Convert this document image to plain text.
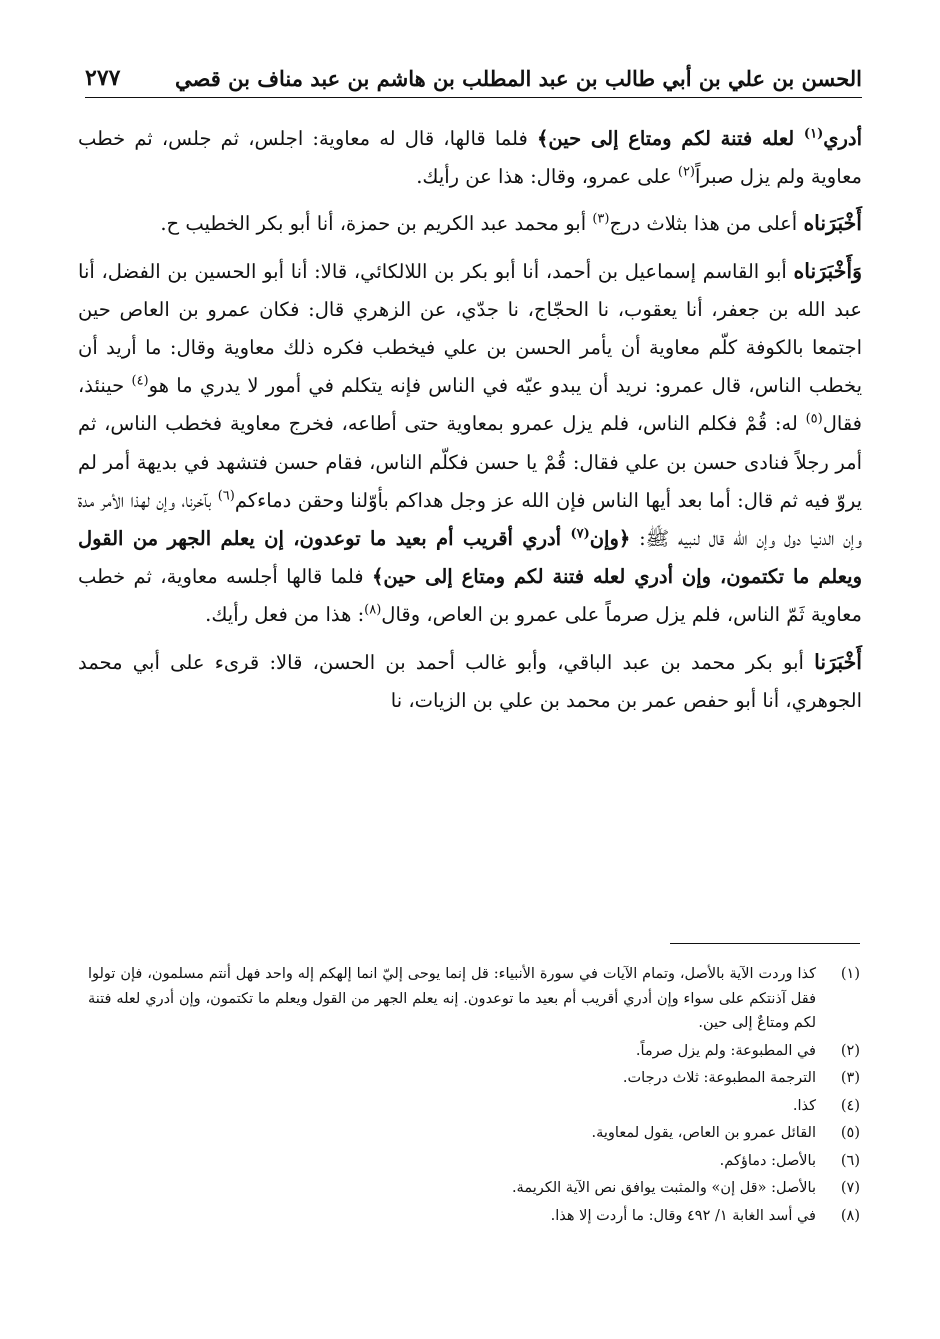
الحسن بن علي بن أبي طالب بن عبد المطلب بن هاشم بن عبد مناف بن قصي
٢٧٧

أدري$^{(١)}$ لعله فتنة لكم ومتاع إلى حين﴾ فلما قالها، قال له معاوية: اجلس، ثم جلس، ثم خطب معاوية ولم يزل صبراً$^{(٢)}$ على عمرو، وقال: هذا عن رأيك.

أَخْبَرَناه أعلى من هذا بثلاث درج$^{(٣)}$ أبو محمد عبد الكريم بن حمزة، أنا أبو بكر الخطيب ح.

وَأَخْبَرَناه أبو القاسم إسماعيل بن أحمد، أنا أبو بكر بن اللالكائي، قالا: أنا أبو الحسين بن الفضل، أنا عبد الله بن جعفر، أنا يعقوب، نا الحجّاج، نا جدّي، عن الزهري قال: فكان عمرو بن العاص حين اجتمعا بالكوفة كلّم معاوية أن يأمر الحسن بن علي فيخطب فكره ذلك معاوية وقال: ما أريد أن يخطب الناس، قال عمرو: نريد أن يبدو عيّه في الناس فإنه يتكلم في أمور لا يدري ما هو$^{(٤)}$ حينئذ، فقال$^{(٥)}$ له: قُمْ فكلم الناس، فلم يزل عمرو بمعاوية حتى أطاعه، فخرج معاوية فخطب الناس، ثم أمر رجلاً فنادى حسن بن علي فقال: قُمْ يا حسن فكلّم الناس، فقام حسن فتشهد في بديهة أمر لم يروّ فيه ثم قال: أما بعد أيها الناس فإن الله عز وجل هداكم بأوّلنا وحقن دماءكم$^{(٦)}$ بآخرنا، وإن لهذا الأمر مدة وإن الدنيا دول وإن الله قال لنبيه ﷺ: ﴿وإن$^{(٧)}$ أدري أقريب أم بعيد ما توعدون، إن يعلم الجهر من القول ويعلم ما تكتمون، وإن أدري لعله فتنة لكم ومتاع إلى حين﴾ فلما قالها أجلسه معاوية، ثم خطب معاوية ثَمّ الناس، فلم يزل صرماً على عمرو بن العاص، وقال$^{(٨)}$: هذا من فعل رأيك.

أَخْبَرَنا أبو بكر محمد بن عبد الباقي، وأبو غالب أحمد بن الحسن، قالا: قرىء على أبي محمد الجوهري، أنا أبو حفص عمر بن محمد بن علي بن الزيات، نا

(١)
كذا وردت الآية بالأصل، وتمام الآيات في سورة الأنبياء: قل إنما يوحى إليّ انما إلهكم إله واحد فهل أنتم مسلمون، فإن تولوا فقل آذنتكم على سواء وإن أدري أقريب أم بعيد ما توعدون. إنه يعلم الجهر من القول ويعلم ما تكتمون، وإن أدري لعله فتنة لكم ومتاعٌ إلى حين.
(٢)
في المطبوعة: ولم يزل صرماً.
(٣)
الترجمة المطبوعة: ثلاث درجات.
(٤)
كذا.
(٥)
القائل عمرو بن العاص، يقول لمعاوية.
(٦)
بالأصل: دماؤكم.
(٧)
بالأصل: «قل إن» والمثبت يوافق نص الآية الكريمة.
(٨)
في أسد الغابة ١/ ٤٩٢ وقال: ما أردت إلا هذا.
